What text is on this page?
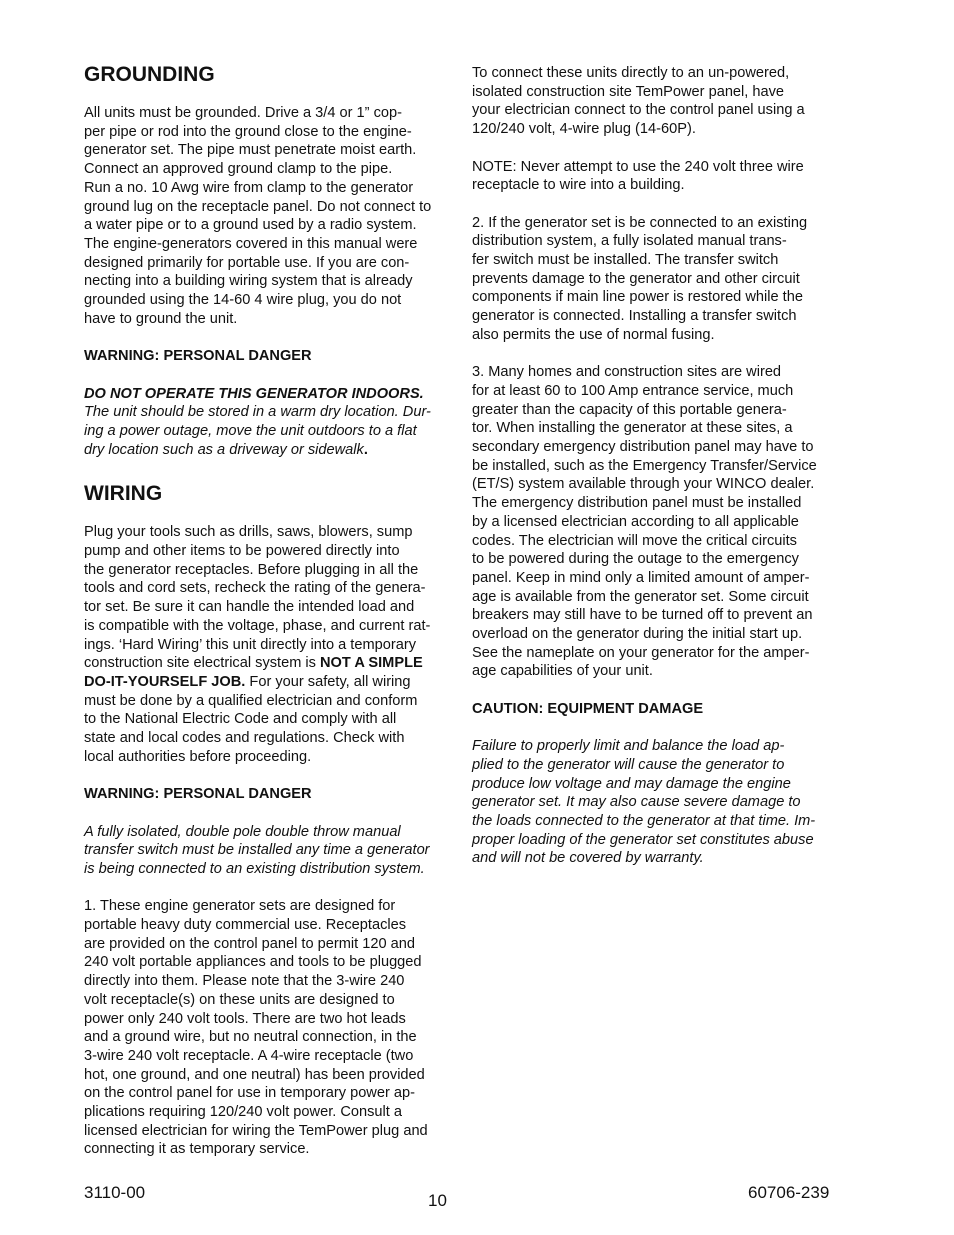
GROUNDING

All units must be grounded. Drive a 3/4 or 1” cop-
per pipe or rod into the ground close to the engine-
generator set. The pipe must penetrate moist earth.
Connect an approved ground clamp to the pipe.
Run a no. 10 Awg wire from clamp to the generator
ground lug on the receptacle panel. Do not connect to
a water pipe or to a ground used by a radio system.
The engine-generators covered in this manual were
designed primarily for portable use. If you are con-
necting into a building wiring system that is already
grounded using the 14-60 4 wire plug, you do not
have to ground the unit.

WARNING: PERSONAL DANGER

DO NOT OPERATE THIS GENERATOR INDOORS.
The unit should be stored in a warm dry location. Dur-
ing a power outage, move the unit outdoors to a flat
dry location such as a driveway or sidewalk.

WIRING

Plug your tools such as drills, saws, blowers, sump
pump and other items to be powered directly into
the generator receptacles. Before plugging in all the
tools and cord sets, recheck the rating of the genera-
tor set. Be sure it can handle the intended load and
is compatible with the voltage, phase, and current rat-
ings. ‘Hard Wiring’ this unit directly into a temporary
construction site electrical system is NOT A SIMPLE
DO-IT-YOURSELF JOB. For your safety, all wiring
must be done by a qualified electrician and conform
to the National Electric Code and comply with all
state and local codes and regulations. Check with
local authorities before proceeding.

WARNING: PERSONAL DANGER

A fully isolated, double pole double throw manual
transfer switch must be installed any time a generator
is being connected to an existing distribution system.

1. These engine generator sets are designed for
portable heavy duty commercial use. Receptacles
are provided on the control panel to permit 120 and
240 volt portable appliances and tools to be plugged
directly into them. Please note that the 3-wire 240
volt receptacle(s) on these units are designed to
power only 240 volt tools. There are two hot leads
and a ground wire, but no neutral connection, in the
3-wire 240 volt receptacle. A 4-wire receptacle (two
hot, one ground, and one neutral) has been provided
on the control panel for use in temporary power ap-
plications requiring 120/240 volt power. Consult a
licensed electrician for wiring the TemPower plug and
connecting it as temporary service.

To connect these units directly to an un-powered,
isolated construction site TemPower panel, have
your electrician connect to the control panel using a
120/240 volt, 4-wire plug (14-60P).

NOTE: Never attempt to use the 240 volt three wire
receptacle to wire into a building.

2. If the generator set is be connected to an existing
distribution system, a fully isolated manual trans-
fer switch must be installed. The transfer switch
prevents damage to the generator and other circuit
components if main line power is restored while the
generator is connected. Installing a transfer switch
also permits the use of normal fusing.

3. Many homes and construction sites are wired
for at least 60 to 100 Amp entrance service, much
greater than the capacity of this portable genera-
tor. When installing the generator at these sites, a
secondary emergency distribution panel may have to
be installed, such as the Emergency Transfer/Service
(ET/S) system available through your WINCO dealer.
The emergency distribution panel must be installed
by a licensed electrician according to all applicable
codes. The electrician will move the critical circuits
to be powered during the outage to the emergency
panel. Keep in mind only a limited amount of amper-
age is available from the generator set. Some circuit
breakers may still have to be turned off to prevent an
overload on the generator during the initial start up.
See the nameplate on your generator for the amper-
age capabilities of your unit.

CAUTION: EQUIPMENT DAMAGE

Failure to properly limit and balance the load ap-
plied to the generator will cause the generator to
produce low voltage and may damage the engine
generator set. It may also cause severe damage to
the loads connected to the generator at that time. Im-
proper loading of the generator set constitutes abuse
and will not be covered by warranty.

3110-00	10	60706-239
